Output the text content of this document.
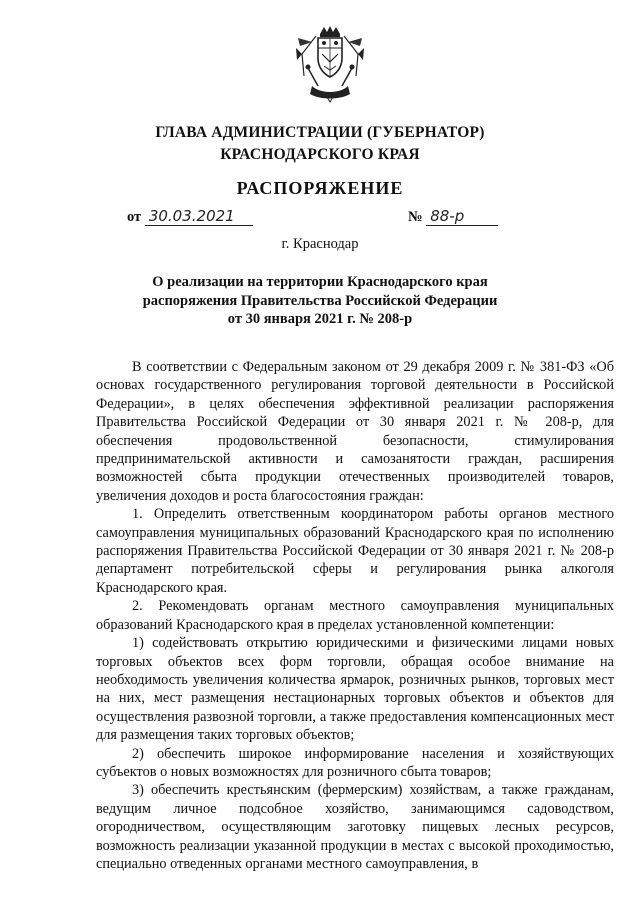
ГЛАВА АДМИНИСТРАЦИИ (ГУБЕРНАТОР)
КРАСНОДАРСКОГО КРАЯ
РАСПОРЯЖЕНИЕ
от 30.03.2021	№ 88-р
г. Краснодар
О реализации на территории Краснодарского края
распоряжения Правительства Российской Федерации
от 30 января 2021 г. № 208-р

В соответствии с Федеральным законом от 29 декабря 2009 г. № 381-ФЗ «Об основах государственного регулирования торговой деятельности в Российской Федерации», в целях обеспечения эффективной реализации распоряжения Правительства Российской Федерации от 30 января 2021 г. № 208-р, для обеспечения продовольственной безопасности, стимулирования предпринимательской активности и самозанятости граждан, расширения возможностей сбыта продукции отечественных производителей товаров, увеличения доходов и роста благосостояния граждан:

1. Определить ответственным координатором работы органов местного самоуправления муниципальных образований Краснодарского края по исполнению распоряжения Правительства Российской Федерации от 30 января 2021 г. № 208-р департамент потребительской сферы и регулирования рынка алкоголя Краснодарского края.

2. Рекомендовать органам местного самоуправления муниципальных образований Краснодарского края в пределах установленной компетенции:

1) содействовать открытию юридическими и физическими лицами новых торговых объектов всех форм торговли, обращая особое внимание на необходимость увеличения количества ярмарок, розничных рынков, торговых мест на них, мест размещения нестационарных торговых объектов и объектов для осуществления развозной торговли, а также предоставления компенсационных мест для размещения таких торговых объектов;

2) обеспечить широкое информирование населения и хозяйствующих субъектов о новых возможностях для розничного сбыта товаров;

3) обеспечить крестьянским (фермерским) хозяйствам, а также гражданам, ведущим личное подсобное хозяйство, занимающимся садоводством, огородничеством, осуществляющим заготовку пищевых лесных ресурсов, возможность реализации указанной продукции в местах с высокой проходимостью, специально отведенных органами местного самоуправления, в
